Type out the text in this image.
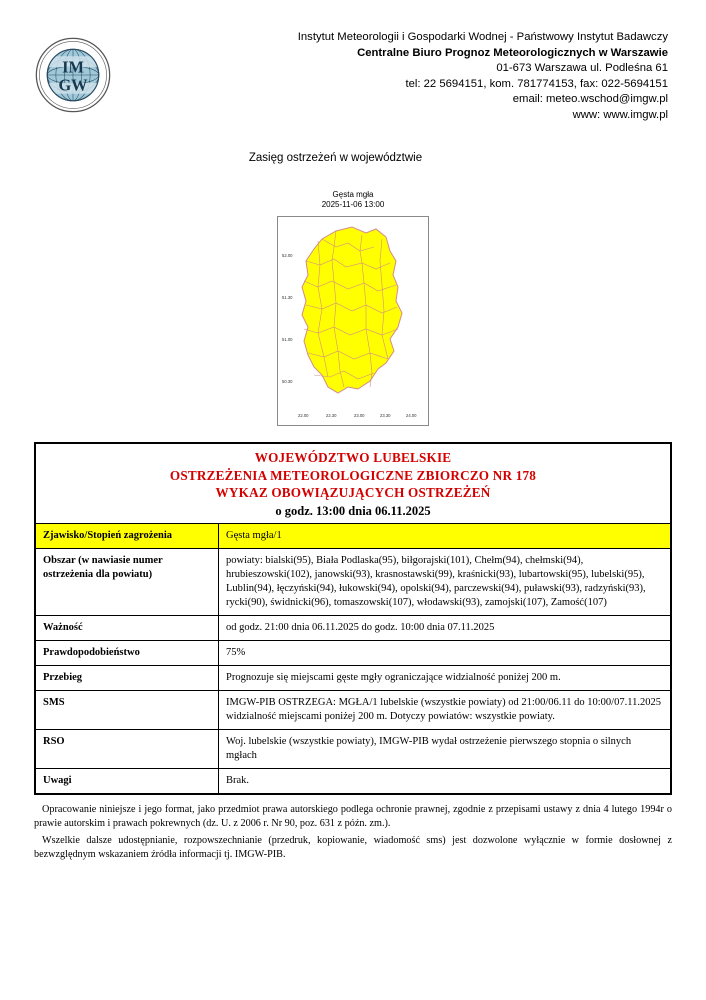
IM
GW
Instytut Meteorologii i Gospodarki Wodnej - Państwowy Instytut Badawczy
Centralne Biuro Prognoz Meteorologicznych w Warszawie
01-673 Warszawa ul. Podleśna 61
tel: 22 5694151, kom. 781774153, fax: 022-5694151
email: meteo.wschod@imgw.pl
www: www.imgw.pl
Zasięg ostrzeżeń w województwie
Gęsta mgła
2025-11-06 13:00
52.00
51.30
51.00
50.30
22.00	22.30	23.00	23.30	24.00
WOJEWÓDZTWO LUBELSKIE
OSTRZEŻENIA METEOROLOGICZNE ZBIORCZO NR 178
WYKAZ OBOWIĄZUJĄCYCH OSTRZEŻEŃ
o godz. 13:00 dnia 06.11.2025	

Zjawisko/Stopień zagrożenia	Gęsta mgła/1
Obszar (w nawiasie numer ostrzeżenia dla powiatu)	powiaty: bialski(95), Biała Podlaska(95), biłgorajski(101), Chełm(94), chełmski(94), hrubieszowski(102), janowski(93), krasnostawski(99), kraśnicki(93), lubartowski(95), lubelski(95), Lublin(94), łęczyński(94), łukowski(94), opolski(94), parczewski(94), puławski(93), radzyński(93), rycki(90), świdnicki(96), tomaszowski(107), włodawski(93), zamojski(107), Zamość(107)
Ważność	od godz. 21:00 dnia 06.11.2025 do godz. 10:00 dnia 07.11.2025
Prawdopodobieństwo	75%
Przebieg	Prognozuje się miejscami gęste mgły ograniczające widzialność poniżej 200 m.
SMS	IMGW-PIB OSTRZEGA: MGŁA/1 lubelskie (wszystkie powiaty) od 21:00/06.11 do 10:00/07.11.2025 widzialność miejscami poniżej 200 m. Dotyczy powiatów: wszystkie powiaty.
RSO	Woj. lubelskie (wszystkie powiaty), IMGW-PIB wydał ostrzeżenie pierwszego stopnia o silnych mgłach
Uwagi	Brak.

Opracowanie niniejsze i jego format, jako przedmiot prawa autorskiego podlega ochronie prawnej, zgodnie z przepisami ustawy z dnia 4 lutego 1994r o prawie autorskim i prawach pokrewnych (dz. U. z 2006 r. Nr 90, poz. 631 z późn. zm.).

Wszelkie dalsze udostępnianie, rozpowszechnianie (przedruk, kopiowanie, wiadomość sms) jest dozwolone wyłącznie w formie dosłownej z bezwzględnym wskazaniem źródła informacji tj. IMGW-PIB.
